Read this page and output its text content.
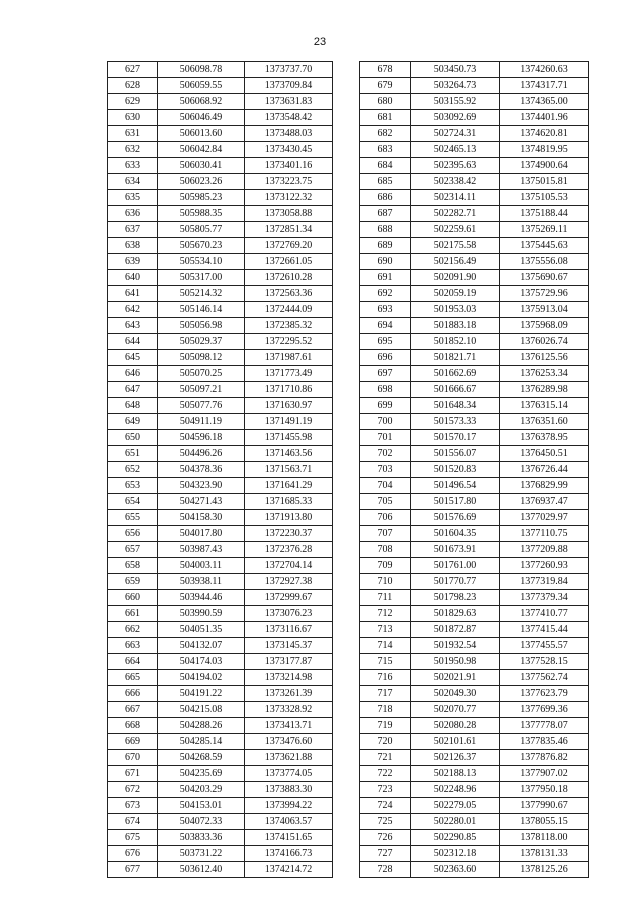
23
627	506098.78	1373737.70
628	506059.55	1373709.84
629	506068.92	1373631.83
630	506046.49	1373548.42
631	506013.60	1373488.03
632	506042.84	1373430.45
633	506030.41	1373401.16
634	506023.26	1373223.75
635	505985.23	1373122.32
636	505988.35	1373058.88
637	505805.77	1372851.34
638	505670.23	1372769.20
639	505534.10	1372661.05
640	505317.00	1372610.28
641	505214.32	1372563.36
642	505146.14	1372444.09
643	505056.98	1372385.32
644	505029.37	1372295.52
645	505098.12	1371987.61
646	505070.25	1371773.49
647	505097.21	1371710.86
648	505077.76	1371630.97
649	504911.19	1371491.19
650	504596.18	1371455.98
651	504496.26	1371463.56
652	504378.36	1371563.71
653	504323.90	1371641.29
654	504271.43	1371685.33
655	504158.30	1371913.80
656	504017.80	1372230.37
657	503987.43	1372376.28
658	504003.11	1372704.14
659	503938.11	1372927.38
660	503944.46	1372999.67
661	503990.59	1373076.23
662	504051.35	1373116.67
663	504132.07	1373145.37
664	504174.03	1373177.87
665	504194.02	1373214.98
666	504191.22	1373261.39
667	504215.08	1373328.92
668	504288.26	1373413.71
669	504285.14	1373476.60
670	504268.59	1373621.88
671	504235.69	1373774.05
672	504203.29	1373883.30
673	504153.01	1373994.22
674	504072.33	1374063.57
675	503833.36	1374151.65
676	503731.22	1374166.73
677	503612.40	1374214.72
678	503450.73	1374260.63
679	503264.73	1374317.71
680	503155.92	1374365.00
681	503092.69	1374401.96
682	502724.31	1374620.81
683	502465.13	1374819.95
684	502395.63	1374900.64
685	502338.42	1375015.81
686	502314.11	1375105.53
687	502282.71	1375188.44
688	502259.61	1375269.11
689	502175.58	1375445.63
690	502156.49	1375556.08
691	502091.90	1375690.67
692	502059.19	1375729.96
693	501953.03	1375913.04
694	501883.18	1375968.09
695	501852.10	1376026.74
696	501821.71	1376125.56
697	501662.69	1376253.34
698	501666.67	1376289.98
699	501648.34	1376315.14
700	501573.33	1376351.60
701	501570.17	1376378.95
702	501556.07	1376450.51
703	501520.83	1376726.44
704	501496.54	1376829.99
705	501517.80	1376937.47
706	501576.69	1377029.97
707	501604.35	1377110.75
708	501673.91	1377209.88
709	501761.00	1377260.93
710	501770.77	1377319.84
711	501798.23	1377379.34
712	501829.63	1377410.77
713	501872.87	1377415.44
714	501932.54	1377455.57
715	501950.98	1377528.15
716	502021.91	1377562.74
717	502049.30	1377623.79
718	502070.77	1377699.36
719	502080.28	1377778.07
720	502101.61	1377835.46
721	502126.37	1377876.82
722	502188.13	1377907.02
723	502248.96	1377950.18
724	502279.05	1377990.67
725	502280.01	1378055.15
726	502290.85	1378118.00
727	502312.18	1378131.33
728	502363.60	1378125.26
